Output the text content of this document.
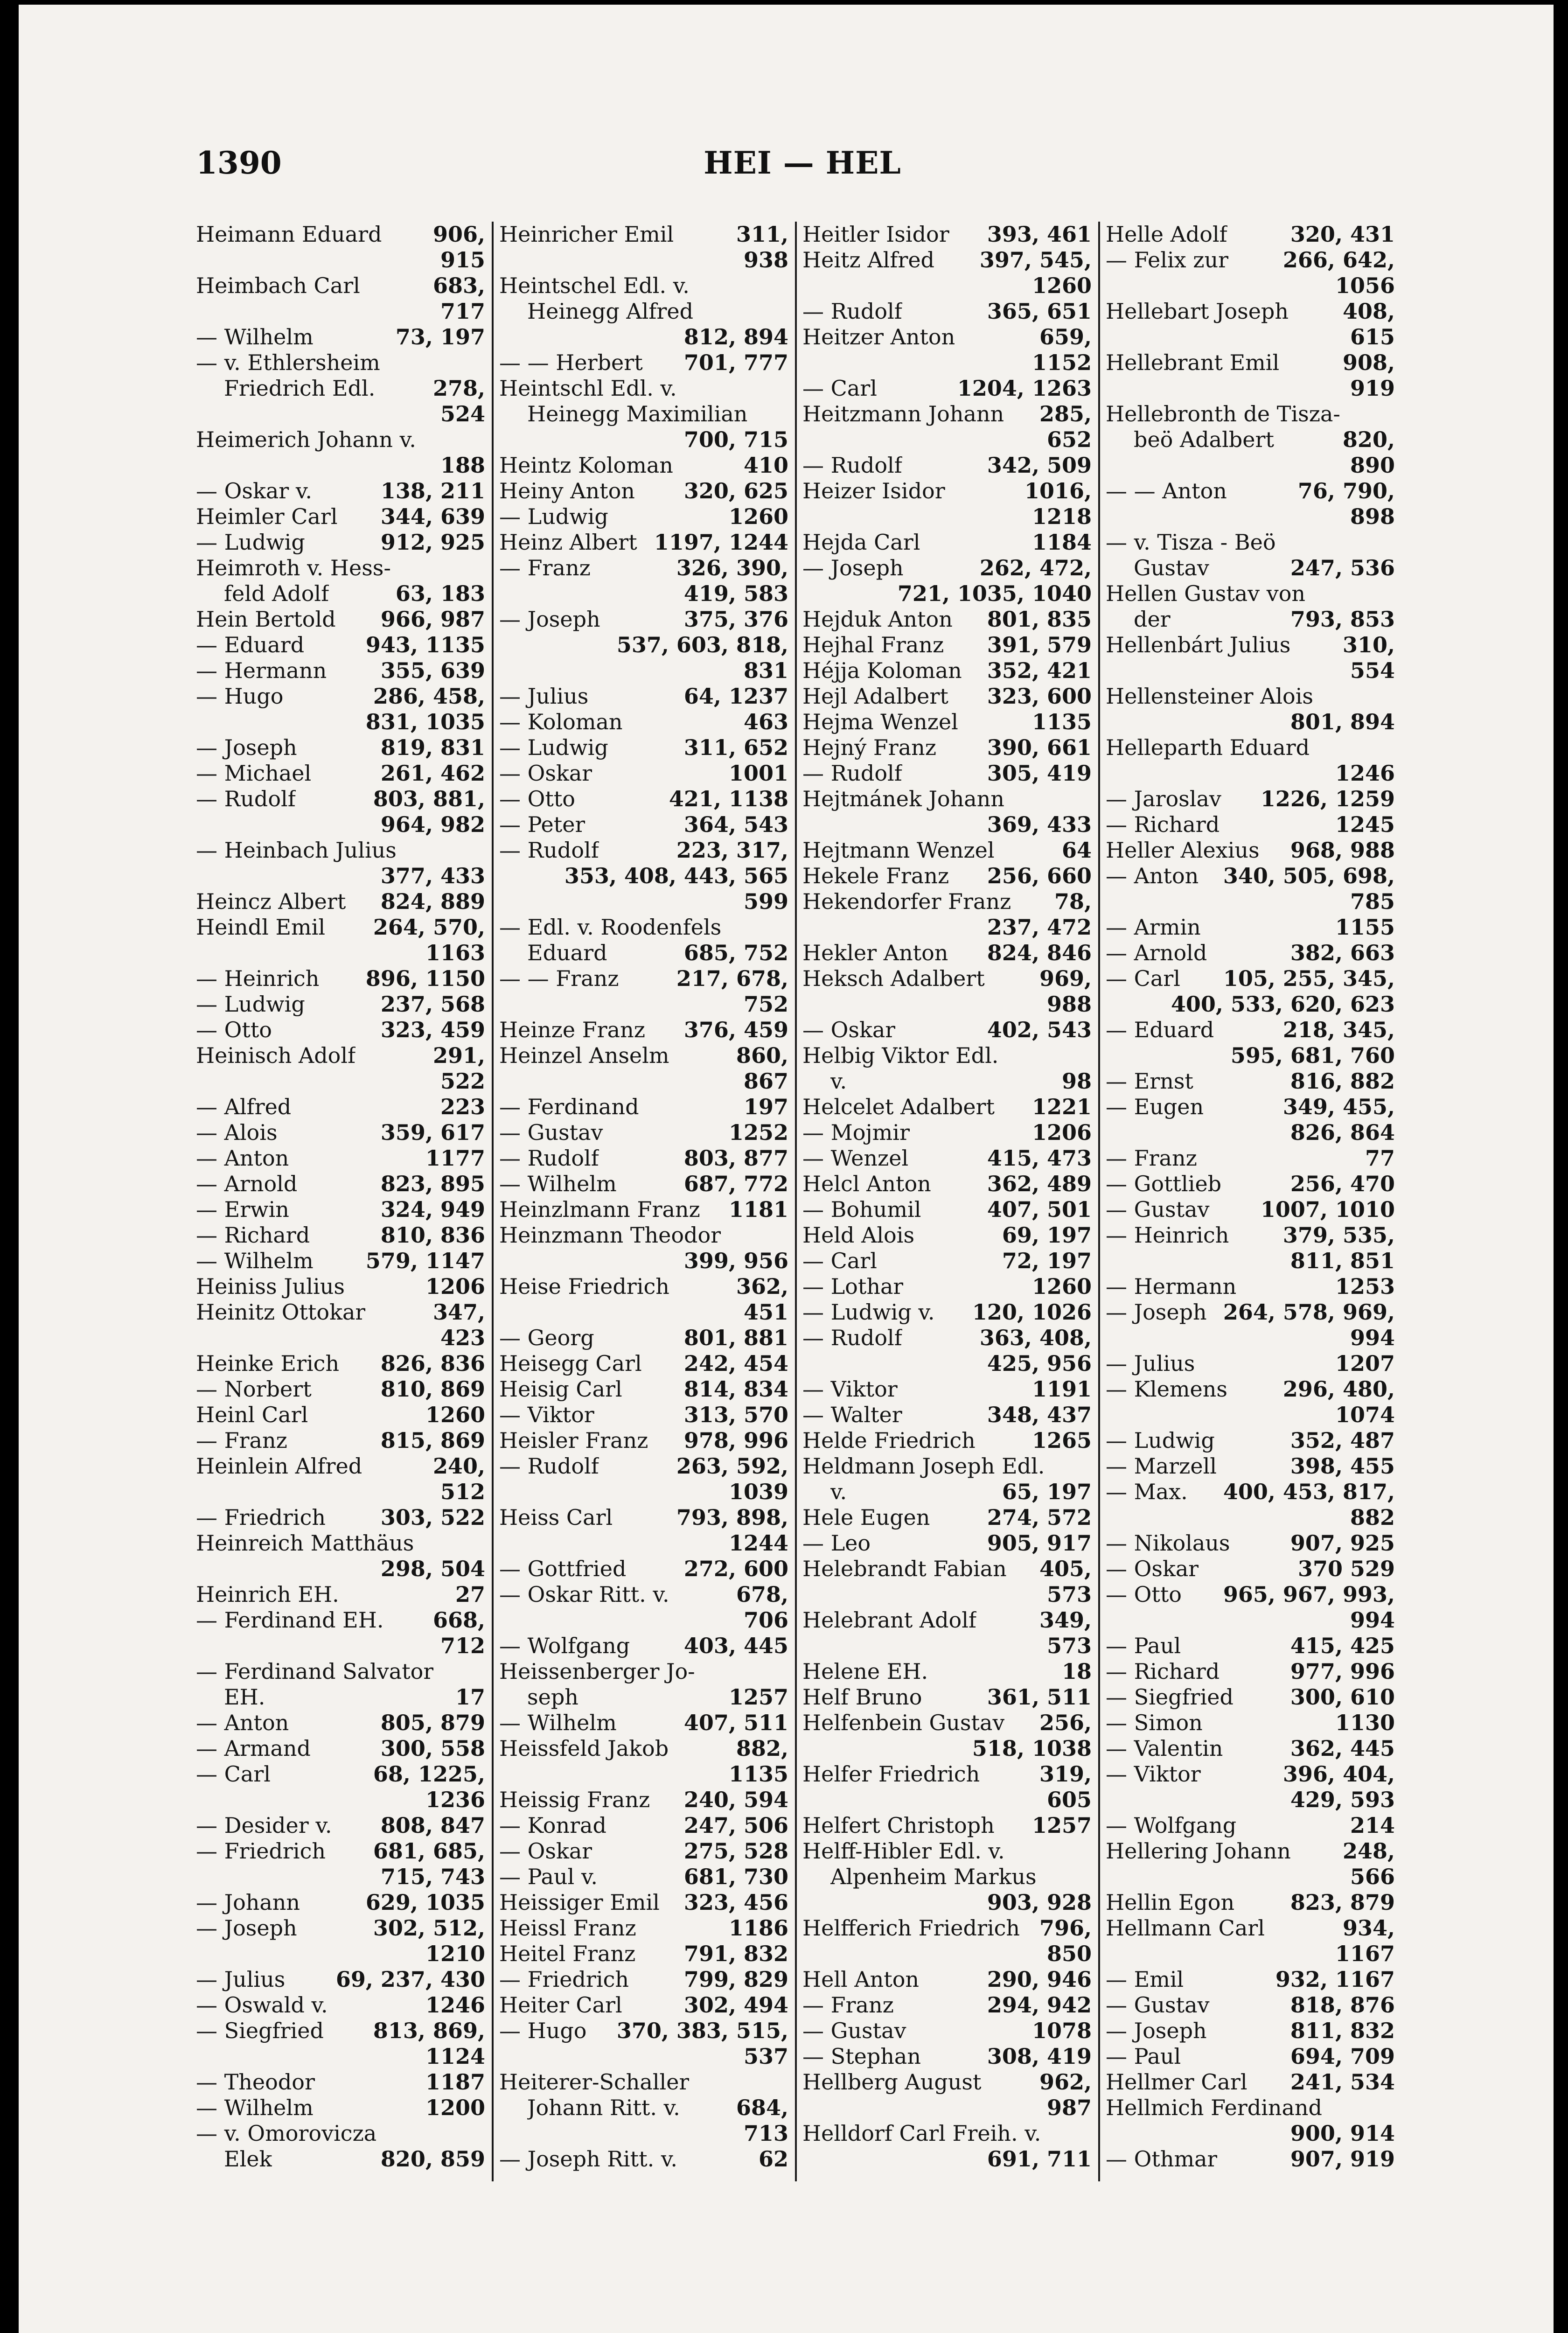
1390	HEI — HEL
Heimann Eduard 906,
915
Heimbach Carl	683,
717
— Wilhelm	73, 197
— v. Ethlersheim
Friedrich Edl.	278,
524
Heimerich Johann v.
188
— Oskar v.	138, 211
Heimler Carl 344, 639
— Ludwig	912, 925
Heimroth v. Hess-
feld Adolf	63, 183
Hein Bertold 966, 987
— Eduard	943, 1135
— Hermann	355, 639
— Hugo	286, 458,
831, 1035
— Joseph	819, 831
— Michael	261, 462
— Rudolf	803, 881,
964, 982
— Heinbach Julius
377, 433
Heincz Albert 824, 889
Heindl Emil 264, 570,
1163
— Heinrich 896, 1150
— Ludwig	237, 568
— Otto	323, 459
Heinisch Adolf	291,
522
— Alfred	223
— Alois	359, 617
— Anton	1177
— Arnold	823, 895
— Erwin	324, 949
— Richard	810, 836
— Wilhelm 579, 1147
Heiniss Julius	1206
Heinitz Ottokar	347,
423
Heinke Erich 826, 836
— Norbert	810, 869
Heinl Carl	1260
— Franz	815, 869
Heinlein Alfred	240,
512
— Friedrich	303, 522
Heinreich Matthäus
298, 504
Heinrich EH.	27
— Ferdinand EH. 668,
712
— Ferdinand Salvator
EH.	17
— Anton	805, 879
— Armand	300, 558
— Carl	68, 1225,
1236
— Desider v. 808, 847
— Friedrich 681, 685,
715, 743
— Johann	629, 1035
— Joseph	302, 512,
1210
— Julius 69, 237, 430
— Oswald v.	1246
— Siegfried 813, 869,
1124
— Theodor	1187
— Wilhelm	1200
— v. Omorovicza
Elek	820, 859
Heinricher Emil	311,
938
Heintschel Edl. v.
Heinegg Alfred
812, 894
— — Herbert 701, 777
Heintschl Edl. v.
Heinegg Maximilian
700, 715
Heintz Koloman	410
Heiny Anton 320, 625
— Ludwig	1260
Heinz Albert 1197, 1244
— Franz	326, 390,
419, 583
— Joseph	375, 376
537, 603, 818,
831
— Julius	64, 1237
— Koloman	463
— Ludwig	311, 652
— Oskar	1001
— Otto	421, 1138
— Peter	364, 543
— Rudolf	223, 317,
353, 408, 443, 565
599
— Edl. v. Roodenfels
Eduard	685, 752
— — Franz	217, 678,
752
Heinze Franz 376, 459
Heinzel Anselm	860,
867
— Ferdinand	197
— Gustav	1252
— Rudolf	803, 877
— Wilhelm	687, 772
Heinzlmann Franz 1181
Heinzmann Theodor
399, 956
Heise Friedrich	362,
451
— Georg	801, 881
Heisegg Carl 242, 454
Heisig Carl	814, 834
— Viktor	313, 570
Heisler Franz 978, 996
— Rudolf	263, 592,
1039
Heiss Carl	793, 898,
1244
— Gottfried	272, 600
— Oskar Ritt. v.	678,
706
— Wolfgang	403, 445
Heissenberger Jo-
seph	1257
— Wilhelm	407, 511
Heissfeld Jakob	882,
1135
Heissig Franz 240, 594
— Konrad	247, 506
— Oskar	275, 528
— Paul v.	681, 730
Heissiger Emil 323, 456
Heissl Franz	1186
Heitel Franz 791, 832
— Friedrich	799, 829
Heiter Carl	302, 494
— Hugo 370, 383, 515,
537
Heiterer-Schaller
Johann Ritt. v.	684,
713
— Joseph Ritt. v.	62
Heitler Isidor 393, 461
Heitz Alfred 397, 545,
1260
— Rudolf	365, 651
Heitzer Anton	659,
1152
— Carl	1204, 1263
Heitzmann Johann 285,
652
— Rudolf	342, 509
Heizer Isidor	1016,
1218
Hejda Carl	1184
— Joseph	262, 472,
721, 1035, 1040
Hejduk Anton 801, 835
Hejhal Franz 391, 579
Héjja Koloman 352, 421
Hejl Adalbert 323, 600
Hejma Wenzel	1135
Hejný Franz 390, 661
— Rudolf	305, 419
Hejtmánek Johann
369, 433
Hejtmann Wenzel	64
Hekele Franz 256, 660
Hekendorfer Franz 78,
237, 472
Hekler Anton 824, 846
Heksch Adalbert	969,
988
— Oskar	402, 543
Helbig Viktor Edl.
v.	98
Helcelet Adalbert 1221
— Mojmir	1206
— Wenzel	415, 473
Helcl Anton	362, 489
— Bohumil	407, 501
Held Alois	69, 197
— Carl	72, 197
— Lothar	1260
— Ludwig v. 120, 1026
— Rudolf	363, 408,
425, 956
— Viktor	1191
— Walter	348, 437
Helde Friedrich	1265
Heldmann Joseph Edl.
v.	65, 197
Hele Eugen	274, 572
— Leo	905, 917
Helebrandt Fabian 405,
573
Helebrant Adolf	349,
573
Helene EH.	18
Helf Bruno	361, 511
Helfenbein Gustav 256,
518, 1038
Helfer Friedrich	319,
605
Helfert Christoph 1257
Helff-Hibler Edl. v.
Alpenheim Markus
903, 928
Helfferich Friedrich 796,
850
Hell Anton	290, 946
— Franz	294, 942
— Gustav	1078
— Stephan	308, 419
Hellberg August	962,
987
Helldorf Carl Freih. v.
691, 711
Helle Adolf	320, 431
— Felix zur	266, 642,
1056
Hellebart Joseph	408,
615
Hellebrant Emil	908,
919
Hellebronth de Tisza-
beö Adalbert	820,
890
— — Anton	76, 790,
898
— v. Tisza - Beö
Gustav	247, 536
Hellen Gustav von
der	793, 853
Hellenbárt Julius 310,
554
Hellensteiner Alois
801, 894
Helleparth Eduard
1246
— Jaroslav 1226, 1259
— Richard	1245
Heller Alexius 968, 988
— Anton 340, 505, 698,
785
— Armin	1155
— Arnold	382, 663
— Carl 105, 255, 345,
400, 533, 620, 623
— Eduard	218, 345,
595, 681, 760
— Ernst	816, 882
— Eugen	349, 455,
826, 864
— Franz	77
— Gottlieb	256, 470
— Gustav 1007, 1010
— Heinrich	379, 535,
811, 851
— Hermann	1253
— Joseph 264, 578, 969,
994
— Julius	1207
— Klemens	296, 480,
1074
— Ludwig	352, 487
— Marzell	398, 455
— Max. 400, 453, 817,
882
— Nikolaus	907, 925
— Oskar	370 529
— Otto 965, 967, 993,
994
— Paul	415, 425
— Richard	977, 996
— Siegfried	300, 610
— Simon	1130
— Valentin	362, 445
— Viktor	396, 404,
429, 593
— Wolfgang	214
Hellering Johann 248,
566
Hellin Egon	823, 879
Hellmann Carl	934,
1167
— Emil	932, 1167
— Gustav	818, 876
— Joseph	811, 832
— Paul	694, 709
Hellmer Carl 241, 534
Hellmich Ferdinand
900, 914
— Othmar	907, 919
